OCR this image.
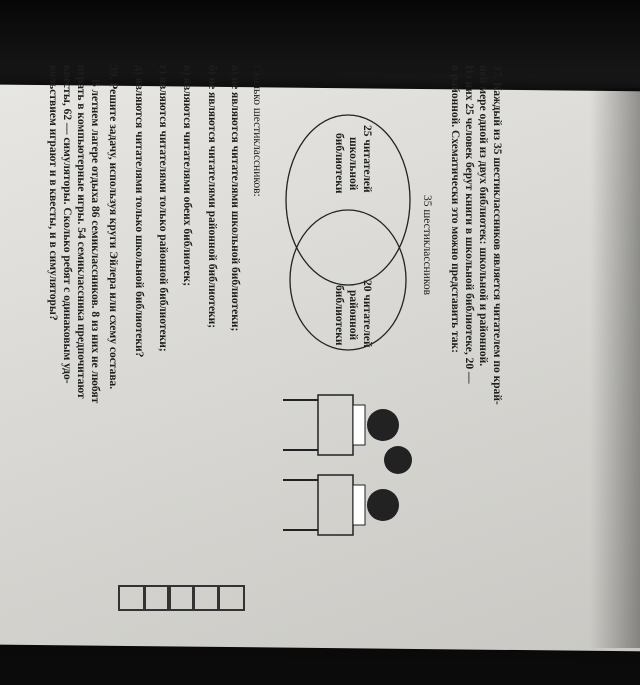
37. Каждый из 35 шестиклассников является читателем по край-
ней мере одной из двух библиотек: школьной и районной.
Из них 25 человек берут книги в школьной библиотеке, 20 —
в районной. Схематически это можно представить так:
35 шестиклассников
25 читателей
школьной
библиотеки
20 читателей
районной
библиотеки
Сколько шестиклассников:
а) не являются читателями школьной библиотеки;
б) не являются читателями районной библиотеки;
в) являются читателями обеих библиотек;
г) являются читателями только районной библиотеки;
д) являются читателями только школьной библиотеки?
39. Решите задачу, используя круги Эйлера или схему состава.
В летнем лагере отдыха 86 семиклассников. 8 из них не любят
играть в компьютерные игры. 54 семиклассника предпочитают
квесты, 62 — симуляторы. Сколько ребят с одинаковым удо-
вольствием играют и в квесты, и в симуляторы?
